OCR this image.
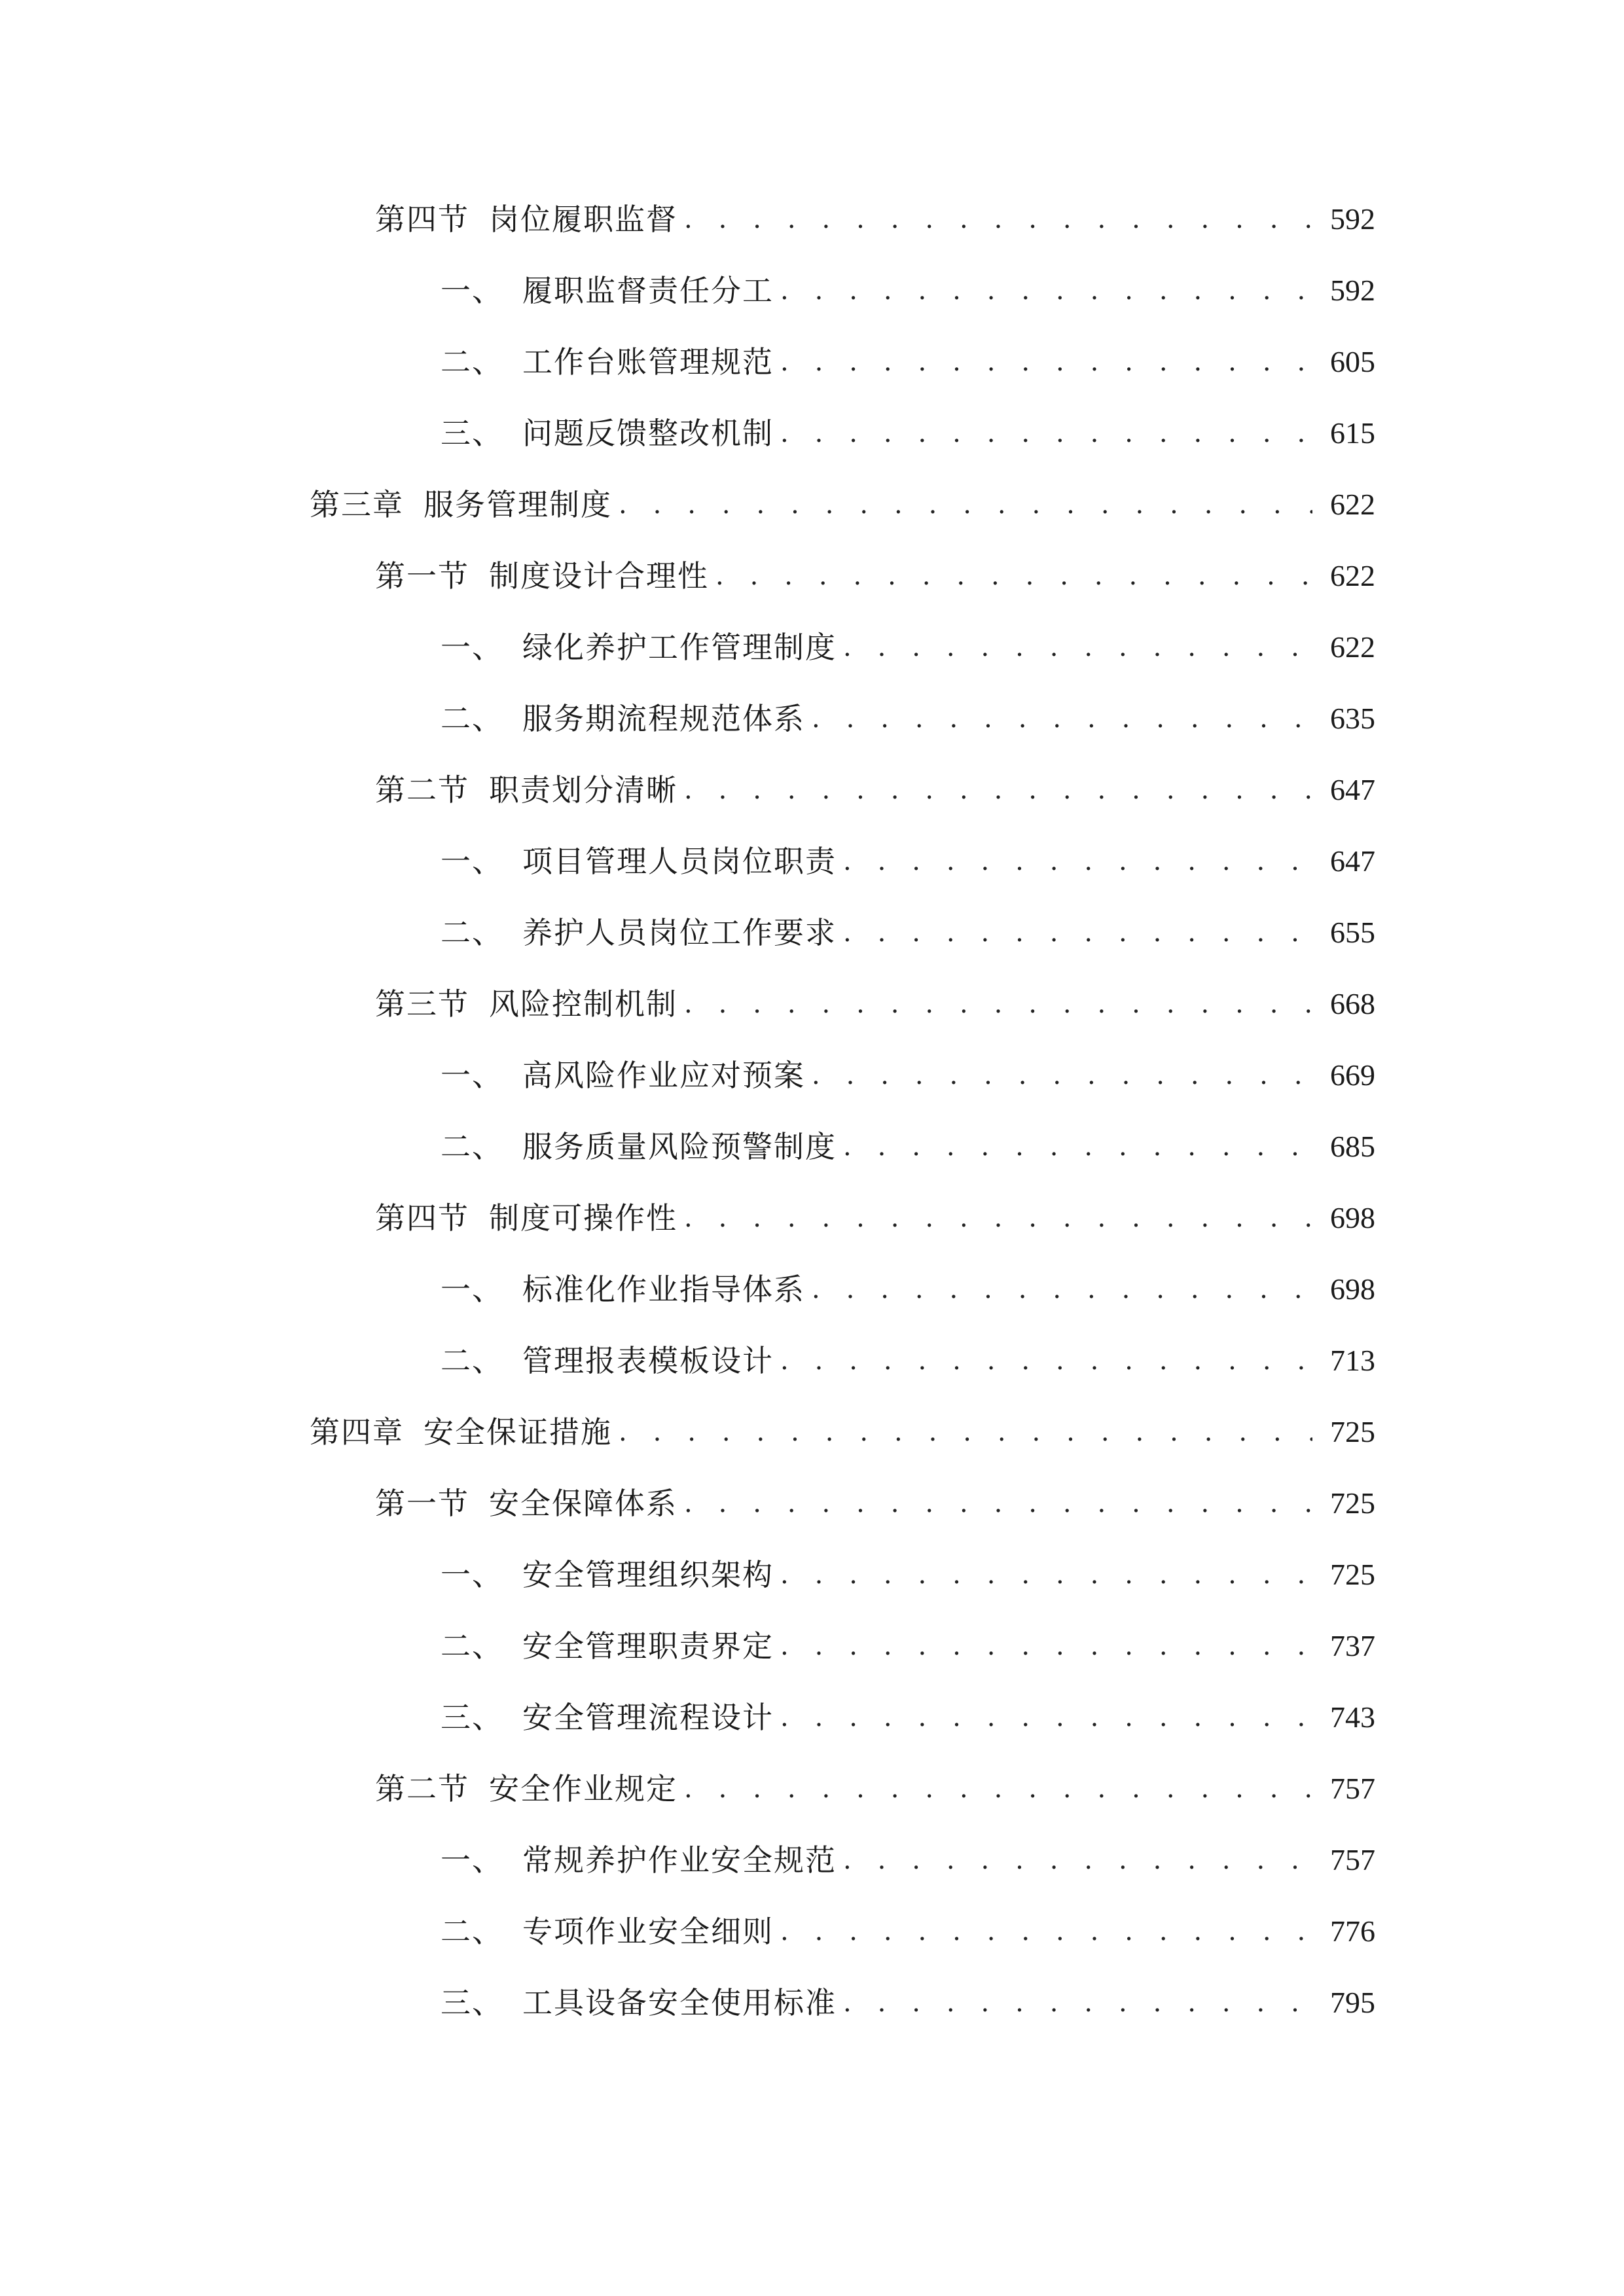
第四节 岗位履职监督 . . .	592
一、 履职监督责任分工 . . .	592
二、 工作台账管理规范 . . .	605
三、 问题反馈整改机制 . . .	615
第三章 服务管理制度 . . .	622
第一节 制度设计合理性 . . .	622
一、 绿化养护工作管理制度 . . .	622
二、 服务期流程规范体系 . . .	635
第二节 职责划分清晰 . . .	647
一、 项目管理人员岗位职责 . . .	647
二、 养护人员岗位工作要求 . . .	655
第三节 风险控制机制 . . .	668
一、 高风险作业应对预案 . . .	669
二、 服务质量风险预警制度 . . .	685
第四节 制度可操作性 . . .	698
一、 标准化作业指导体系 . . .	698
二、 管理报表模板设计 . . .	713
第四章 安全保证措施 . . .	725
第一节 安全保障体系 . . .	725
一、 安全管理组织架构 . . .	725
二、 安全管理职责界定 . . .	737
三、 安全管理流程设计 . . .	743
第二节 安全作业规定 . . .	757
一、 常规养护作业安全规范 . . .	757
二、 专项作业安全细则 . . .	776
三、 工具设备安全使用标准 . . .	795
